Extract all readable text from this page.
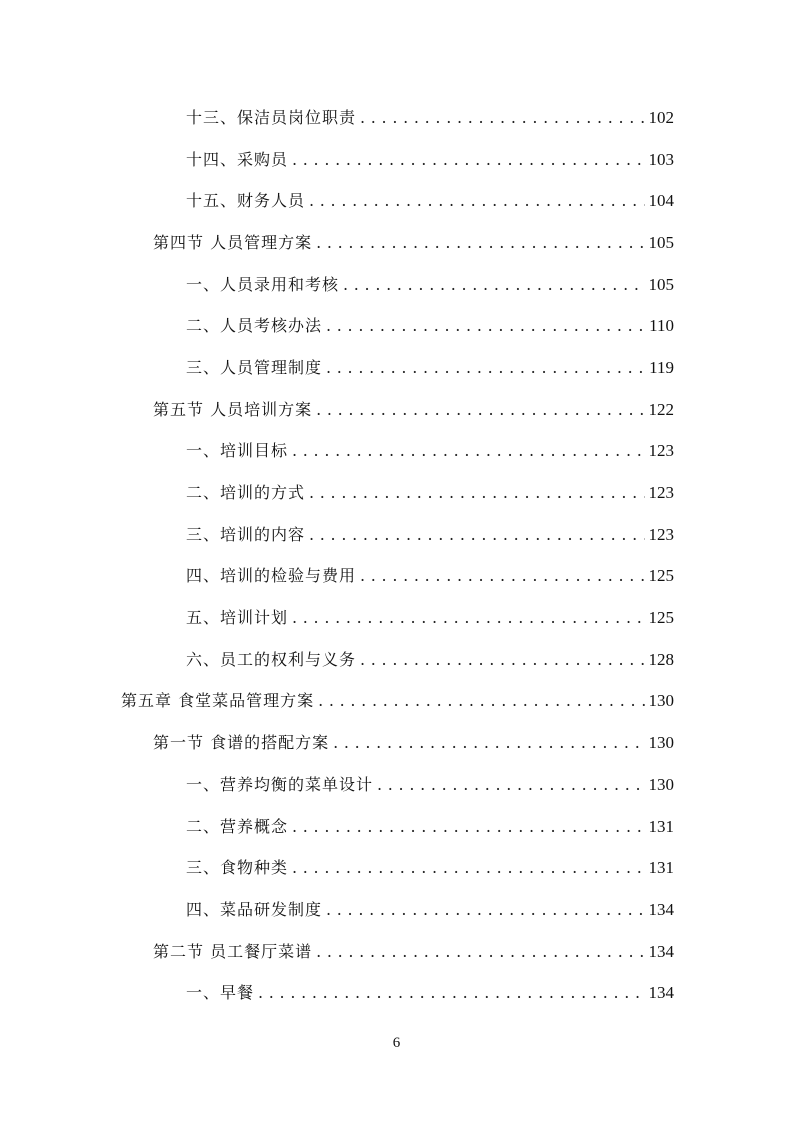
十三、保洁员岗位职责 . . .	102
十四、采购员 . . .	103
十五、财务人员 . . .	104
第四节 人员管理方案 . . .	105
一、人员录用和考核 . . .	105
二、人员考核办法 . . .	110
三、人员管理制度 . . .	119
第五节 人员培训方案 . . .	122
一、培训目标 . . .	123
二、培训的方式 . . .	123
三、培训的内容 . . .	123
四、培训的检验与费用 . . .	125
五、培训计划 . . .	125
六、员工的权利与义务 . . .	128
第五章 食堂菜品管理方案 . . .	130
第一节 食谱的搭配方案 . . .	130
一、营养均衡的菜单设计 . . .	130
二、营养概念 . . .	131
三、食物种类 . . .	131
四、菜品研发制度 . . .	134
第二节 员工餐厅菜谱 . . .	134
一、早餐 . . .	134
6
